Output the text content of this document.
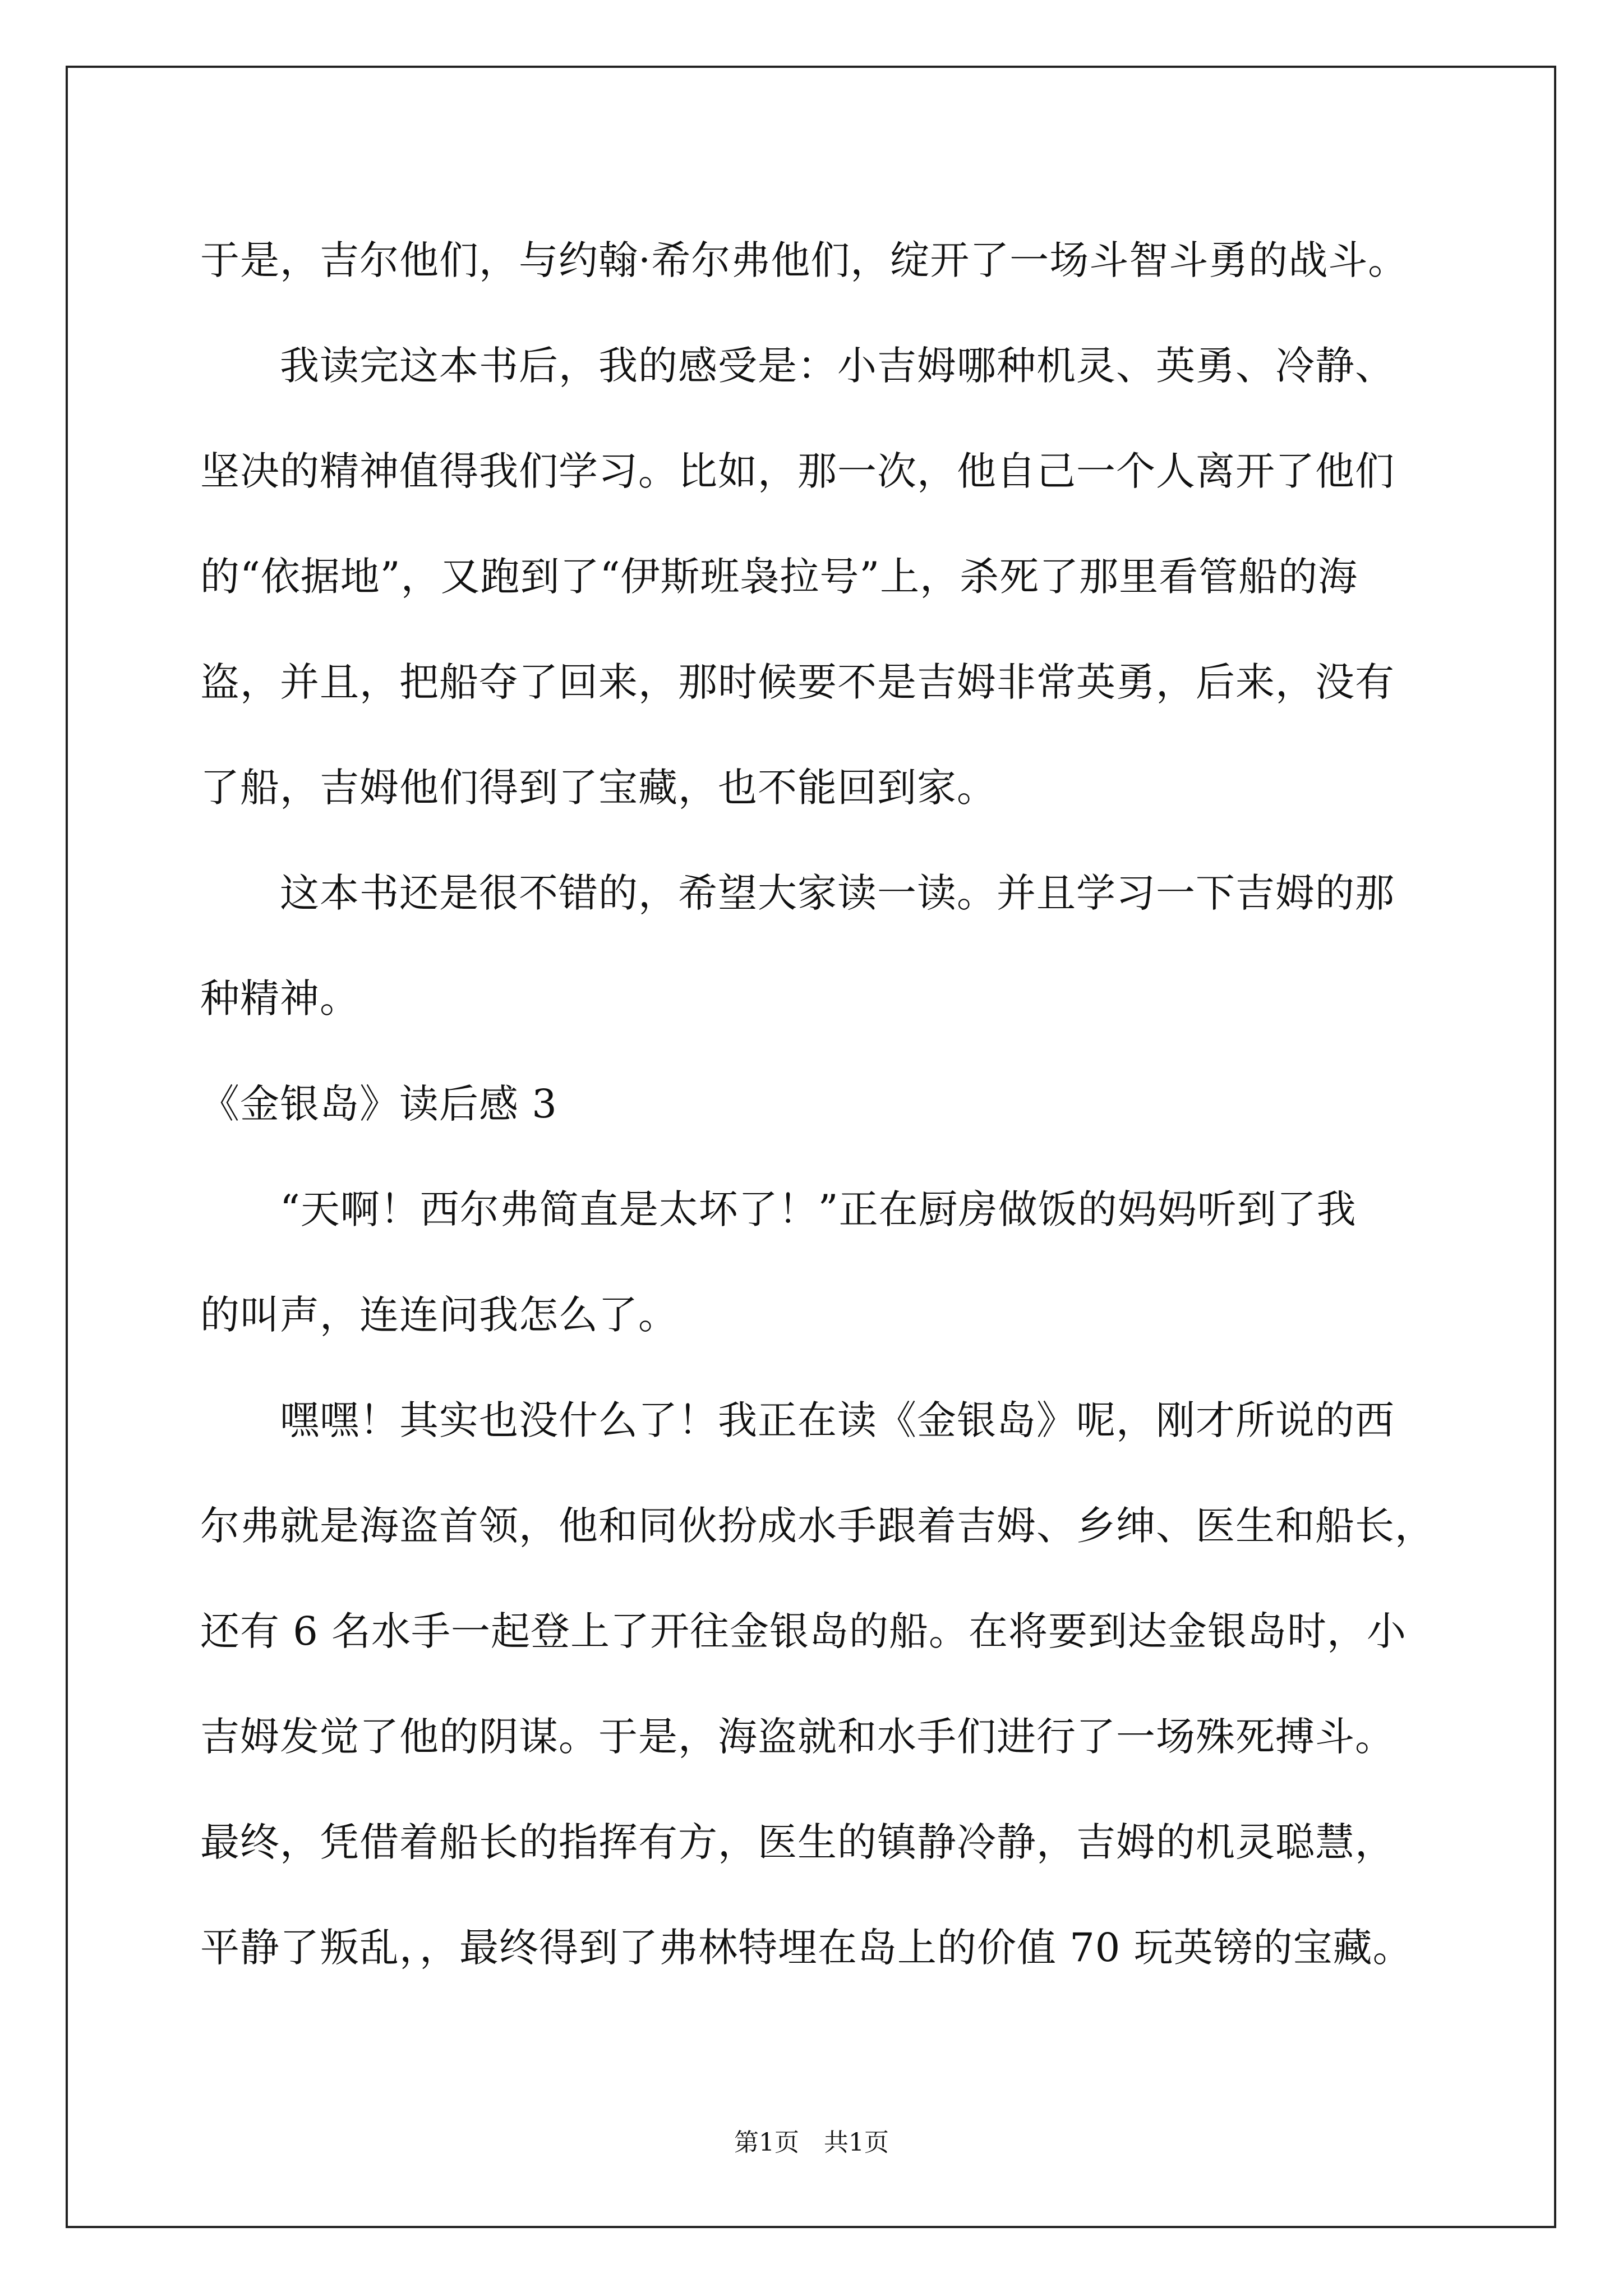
于是，吉尔他们，与约翰·希尔弗他们，绽开了一场斗智斗勇的战斗。
我读完这本书后，我的感受是：小吉姆哪种机灵、英勇、冷静、
坚决的精神值得我们学习。比如，那一次，他自己一个人离开了他们
的“依据地”，又跑到了“伊斯班袅拉号”上，杀死了那里看管船的海
盗，并且，把船夺了回来，那时候要不是吉姆非常英勇，后来，没有
了船，吉姆他们得到了宝藏，也不能回到家。
这本书还是很不错的，希望大家读一读。并且学习一下吉姆的那
种精神。
《金银岛》读后感 3
“天啊！西尔弗简直是太坏了！”正在厨房做饭的妈妈听到了我
的叫声，连连问我怎么了。
嘿嘿！其实也没什么了！我正在读《金银岛》呢，刚才所说的西
尔弗就是海盗首领，他和同伙扮成水手跟着吉姆、乡绅、医生和船长，
还有 6 名水手一起登上了开往金银岛的船。在将要到达金银岛时，小
吉姆发觉了他的阴谋。于是，海盗就和水手们进行了一场殊死搏斗。
最终，凭借着船长的指挥有方，医生的镇静冷静，吉姆的机灵聪慧，
平静了叛乱，，最终得到了弗林特埋在岛上的价值 70 玩英镑的宝藏。
第1页　共1页
